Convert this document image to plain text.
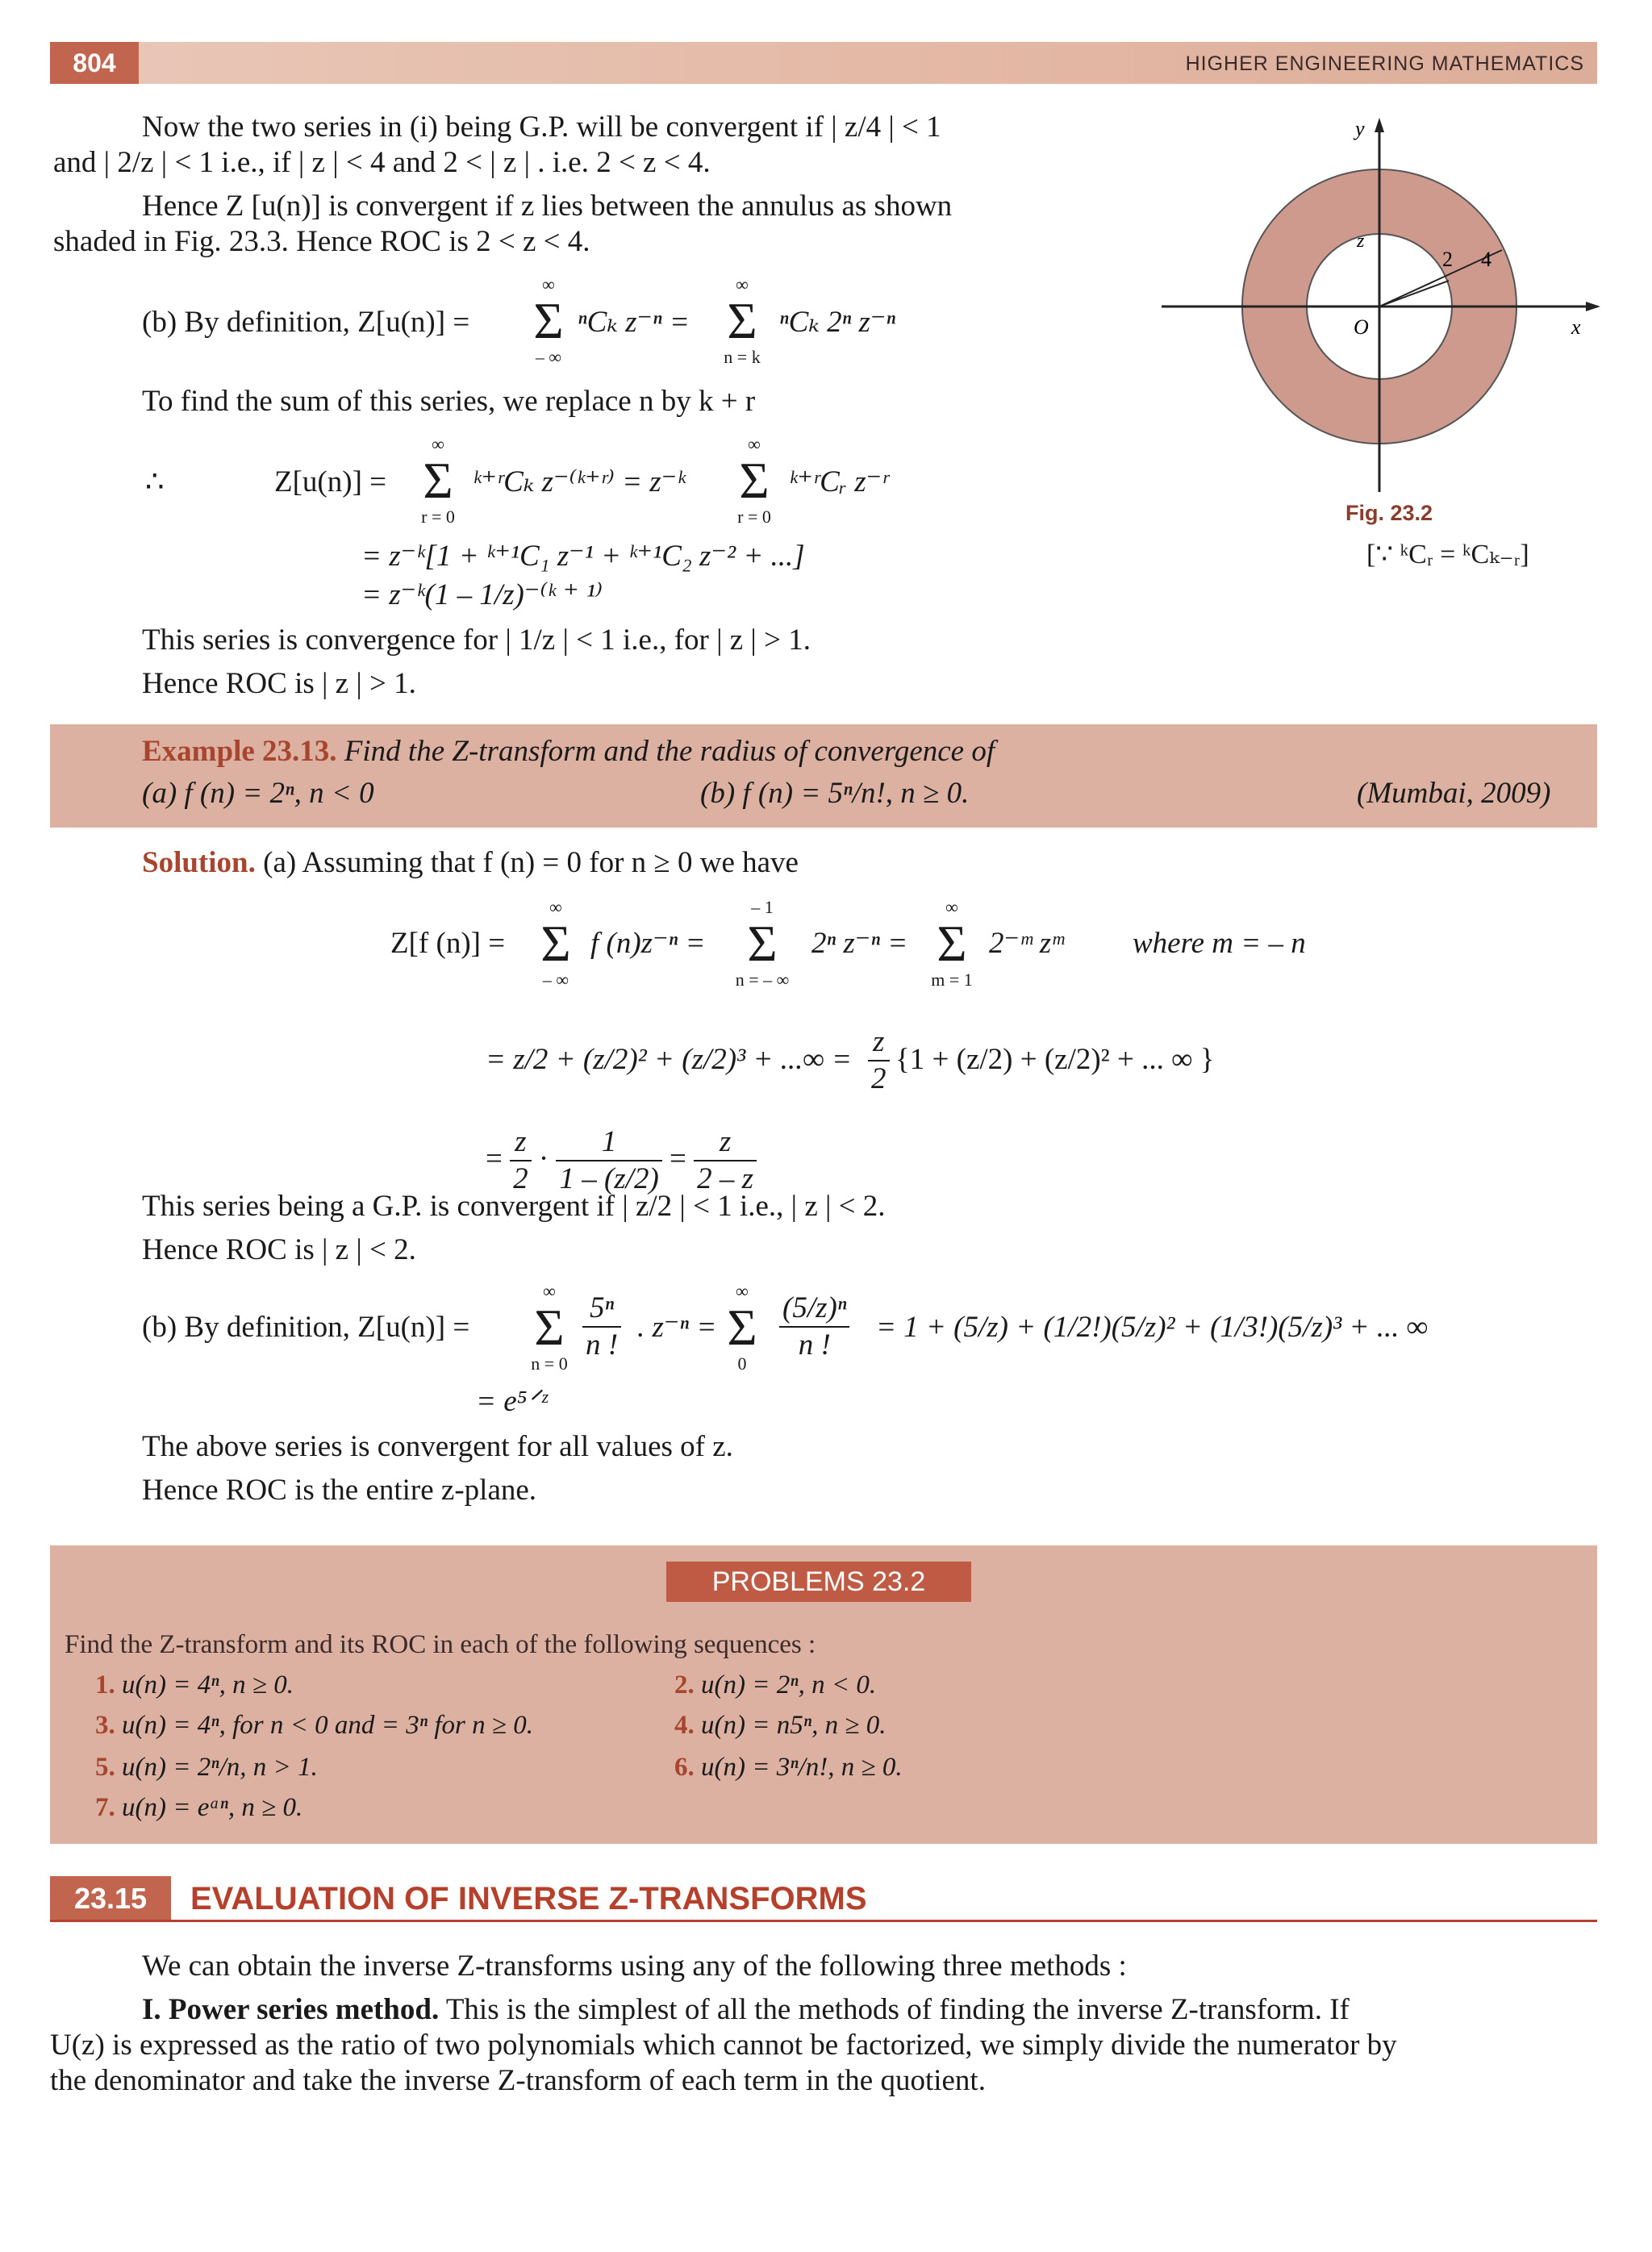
804	HIGHER ENGINEERING MATHEMATICS
Now the two series in (i) being G.P. will be convergent if | z/4 | < 1
and | 2/z | < 1 i.e., if | z | < 4 and 2 < | z | . i.e. 2 < z < 4.
Hence Z [u(n)] is convergent if z lies between the annulus as shown
shaded in Fig. 23.3. Hence ROC is 2 < z < 4.
y
x
O
z
2 4
Fig. 23.2
[∵ ᵏCᵣ = ᵏCₖ₋ᵣ]
(b) By definition, Z[u(n)] =
∞
Σ
– ∞
ⁿCₖ z⁻ⁿ =
∞
Σ
n = k
ⁿCₖ 2ⁿ z⁻ⁿ
To find the sum of this series, we replace n by k + r
∴	Z[u(n)] =
∞
Σ
r = 0
ᵏ⁺ʳCₖ z⁻⁽ᵏ⁺ʳ⁾ = z⁻ᵏ
∞
Σ
r = 0
ᵏ⁺ʳCᵣ z⁻ʳ
= z⁻ᵏ[1 + ᵏ⁺¹C₁ z⁻¹ + ᵏ⁺¹C₂ z⁻² + ...]
= z⁻ᵏ(1 – 1/z)⁻⁽ᵏ ⁺ ¹⁾
This series is convergence for | 1/z | < 1 i.e., for | z | > 1.
Hence ROC is | z | > 1.
Example 23.13. Find the Z-transform and the radius of convergence of
(a) f (n) = 2ⁿ, n < 0	(b) f (n) = 5ⁿ/n!, n ≥ 0.	(Mumbai, 2009)
Solution. (a) Assuming that f (n) = 0 for n ≥ 0 we have
Z[f (n)] =
∞
Σ
– ∞
f (n)z⁻ⁿ =
– 1
Σ
n = – ∞
2ⁿ z⁻ⁿ =
∞
Σ
m = 1
2⁻ᵐ zᵐ where m = – n
= z/2 + (z/2)² + (z/2)³ + ...∞ = $\frac{z}{2} \{1 + (z/2) + (z/2)^2$ + ... ∞ }
= $\frac{z}{2} \cdot \frac{1}{1 - (z/2)} = \frac{z}{2 - z}$
This series being a G.P. is convergent if | z/2 | < 1 i.e., | z | < 2.
Hence ROC is | z | < 2.
(b) By definition, Z[u(n)] =
∞
Σ
n = 0
$\frac{\text{5ⁿ}}{n !}$ . z⁻ⁿ =
∞
Σ
0
$\frac{\text{(5/z)ⁿ}}{n !} = 1 + (5/z) + (1/2!)(5/z)^2 + (1/3!)(5/z)^3$ + ... ∞
= e⁵ᐟᶻ
The above series is convergent for all values of z.
Hence ROC is the entire z-plane.
PROBLEMS 23.2
Find the Z-transform and its ROC in each of the following sequences :
1. u(n) = 4ⁿ, n ≥ 0.	2. u(n) = 2ⁿ, n < 0.
3. u(n) = 4ⁿ, for n < 0 and = 3ⁿ for n ≥ 0.	4. u(n) = n5ⁿ, n ≥ 0.
5. u(n) = 2ⁿ/n, n > 1.	6. u(n) = 3ⁿ/n!, n ≥ 0.
7. u(n) = eᵃⁿ, n ≥ 0.
23.15	EVALUATION OF INVERSE Z-TRANSFORMS
We can obtain the inverse Z-transforms using any of the following three methods :
I. Power series method. This is the simplest of all the methods of finding the inverse Z-transform. If
U(z) is expressed as the ratio of two polynomials which cannot be factorized, we simply divide the numerator by
the denominator and take the inverse Z-transform of each term in the quotient.
